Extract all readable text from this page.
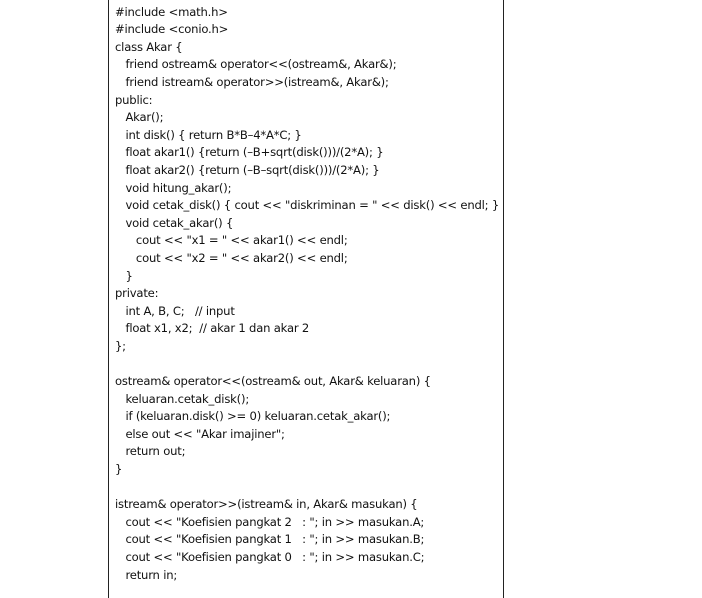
#include <math.h>
#include <conio.h>
class Akar {
friend ostream& operator<<(ostream&, Akar&);
friend istream& operator>>(istream&, Akar&);
public:
Akar();
int disk() { return B*B–4*A*C; }
float akar1() {return (–B+sqrt(disk()))/(2*A); }
float akar2() {return (–B–sqrt(disk()))/(2*A); }
void hitung_akar();
void cetak_disk() { cout << "diskriminan = " << disk() << endl; }
void cetak_akar() {
cout << "x1 = " << akar1() << endl;
cout << "x2 = " << akar2() << endl;
}
private:
int A, B, C;   // input
float x1, x2;  // akar 1 dan akar 2
};
ostream& operator<<(ostream& out, Akar& keluaran) {
keluaran.cetak_disk();
if (keluaran.disk() >= 0) keluaran.cetak_akar();
else out << "Akar imajiner";
return out;
}
istream& operator>>(istream& in, Akar& masukan) {
cout << "Koefisien pangkat 2   : "; in >> masukan.A;
cout << "Koefisien pangkat 1   : "; in >> masukan.B;
cout << "Koefisien pangkat 0   : "; in >> masukan.C;
return in;
